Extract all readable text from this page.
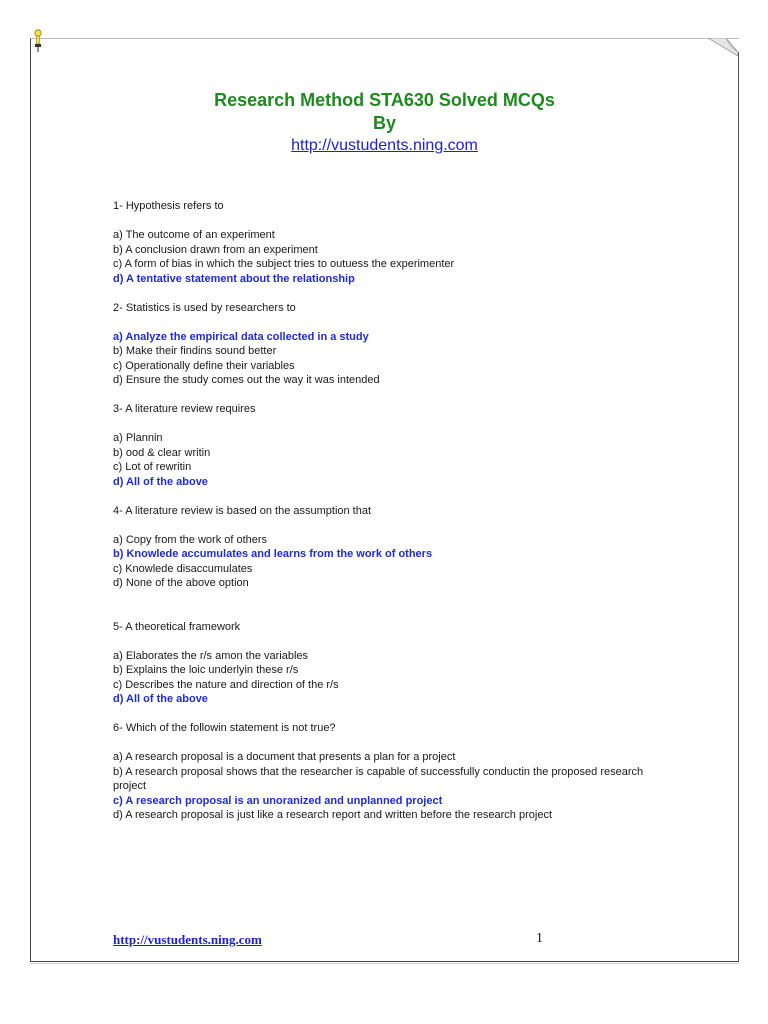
Research Method STA630 Solved MCQs
By
http://vustudents.ning.com

1- Hypothesis refers to

a) The outcome of an experiment

b) A conclusion drawn from an experiment

c) A form of bias in which the subject tries to outuess the experimenter

d) A tentative statement about the relationship

2- Statistics is used by researchers to

a) Analyze the empirical data collected in a study

b) Make their findins sound better

c) Operationally define their variables

d) Ensure the study comes out the way it was intended

3- A literature review requires

a) Plannin

b) ood & clear writin

c) Lot of rewritin

d) All of the above

4- A literature review is based on the assumption that

a) Copy from the work of others

b) Knowlede accumulates and learns from the work of others

c) Knowlede disaccumulates

d) None of the above option

5- A theoretical framework

a) Elaborates the r/s amon the variables

b) Explains the loic underlyin these r/s

c) Describes the nature and direction of the r/s

d) All of the above

6- Which of the followin statement is not true?

a) A research proposal is a document that presents a plan for a project

b) A research proposal shows that the researcher is capable of successfully conductin the proposed research project

c) A research proposal is an unoranized and unplanned project

d) A research proposal is just like a research report and written before the research project

http://vustudents.ning.com	1
